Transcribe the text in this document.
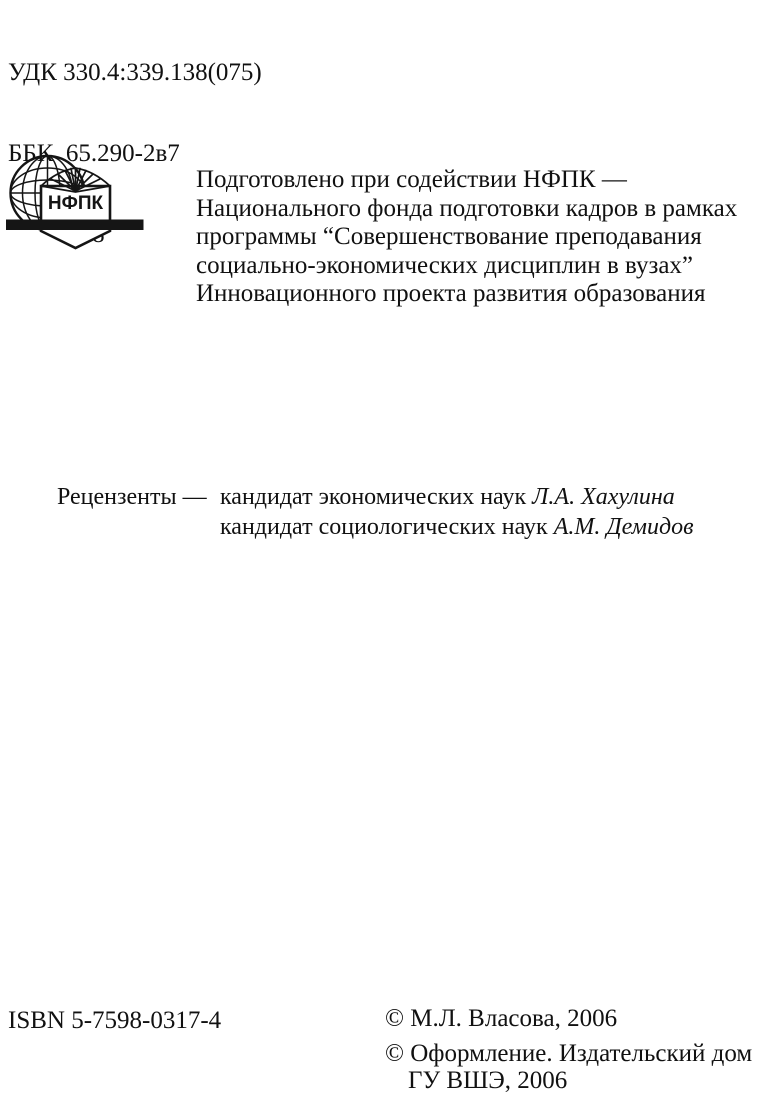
УДК 330.4:339.138(075)

ББК  65.290-2в7

НФПК
Подготовлено при содействии НФПК —
Национального фонда подготовки кадров в рамках
программы “Совершенствование преподавания
социально-экономических дисциплин в вузах”
Инновационного проекта развития образования
Рецензенты — кандидат экономических наук Л.А. Хахулина
кандидат социологических наук А.М. Демидов
ISBN 5-7598-0317-4	© М.Л. Власова, 2006
© Оформление. Издательский дом
ГУ ВШЭ, 2006
